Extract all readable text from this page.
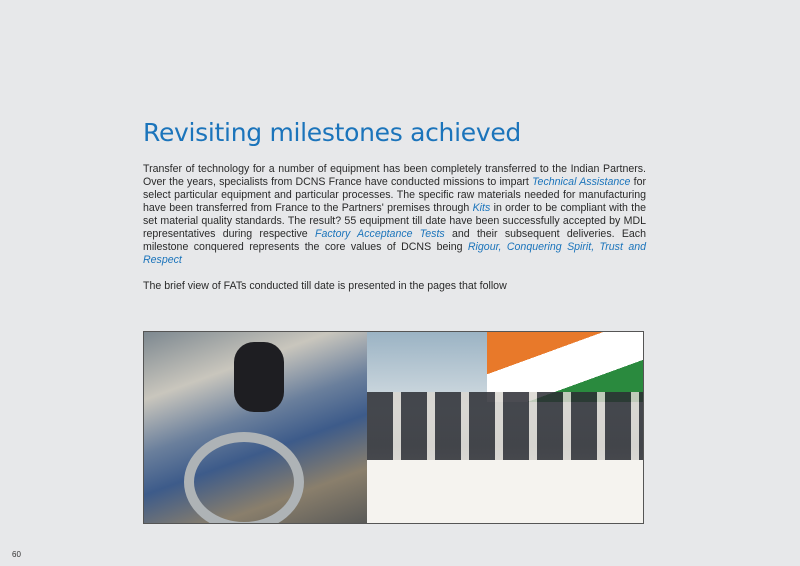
Revisiting milestones achieved

Transfer of technology for a number of equipment has been completely transferred to the Indian Partners. Over the years, specialists from DCNS France have conducted missions to impart Technical Assistance for select particular equipment and particular processes. The specific raw materials needed for manufacturing have been transferred from France to the Partners' premises through Kits in order to be compliant with the set material quality standards. The result? 55 equipment till date have been successfully accepted by MDL representatives during respective Factory Acceptance Tests and their subsequent deliveries. Each milestone conquered represents the core values of DCNS being Rigour, Conquering Spirit, Trust and Respect

The brief view of FATs conducted till date is presented in the pages that follow

60
